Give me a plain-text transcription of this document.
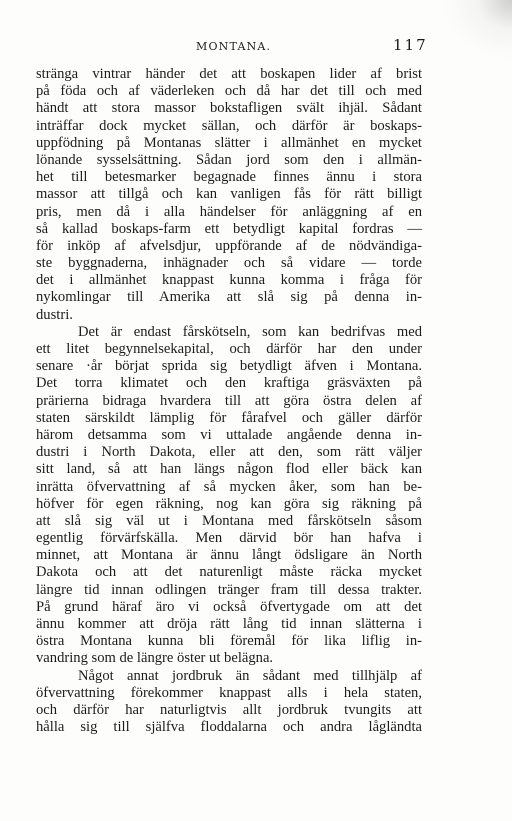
MONTANA.	117
stränga vintrar händer det att boskapen lider af brist
på föda och af väderleken och då har det till och med
händt att stora massor bokstafligen svält ihjäl. Sådant
inträffar dock mycket sällan, och därför är boskaps-
uppfödning på Montanas slätter i allmänhet en mycket
lönande sysselsättning. Sådan jord som den i allmän-
het till betesmarker begagnade finnes ännu i stora
massor att tillgå och kan vanligen fås för rätt billigt
pris, men då i alla händelser för anläggning af en
så kallad boskaps-farm ett betydligt kapital fordras —
för inköp af afvelsdjur, uppförande af de nödvändiga-
ste byggnaderna, inhägnader och så vidare — torde
det i allmänhet knappast kunna komma i fråga för
nykomlingar till Amerika att slå sig på denna in-
dustri.
Det är endast fårskötseln, som kan bedrifvas med
ett litet begynnelsekapital, och därför har den under
senare ·år börjat sprida sig betydligt äfven i Montana.
Det torra klimatet och den kraftiga gräsväxten på
prärierna bidraga hvardera till att göra östra delen af
staten särskildt lämplig för fårafvel och gäller därför
härom detsamma som vi uttalade angående denna in-
dustri i North Dakota, eller att den, som rätt väljer
sitt land, så att han längs någon flod eller bäck kan
inrätta öfvervattning af så mycken åker, som han be-
höfver för egen räkning, nog kan göra sig räkning på
att slå sig väl ut i Montana med fårskötseln såsom
egentlig förvärfskälla. Men därvid bör han hafva i
minnet, att Montana är ännu långt ödsligare än North
Dakota och att det naturenligt måste räcka mycket
längre tid innan odlingen tränger fram till dessa trakter.
På grund häraf äro vi också öfvertygade om att det
ännu kommer att dröja rätt lång tid innan slätterna i
östra Montana kunna bli föremål för lika liflig in-
vandring som de längre öster ut belägna.
Något annat jordbruk än sådant med tillhjälp af
öfvervattning förekommer knappast alls i hela staten,
och därför har naturligtvis allt jordbruk tvungits att
hålla sig till själfva floddalarna och andra lågländta
